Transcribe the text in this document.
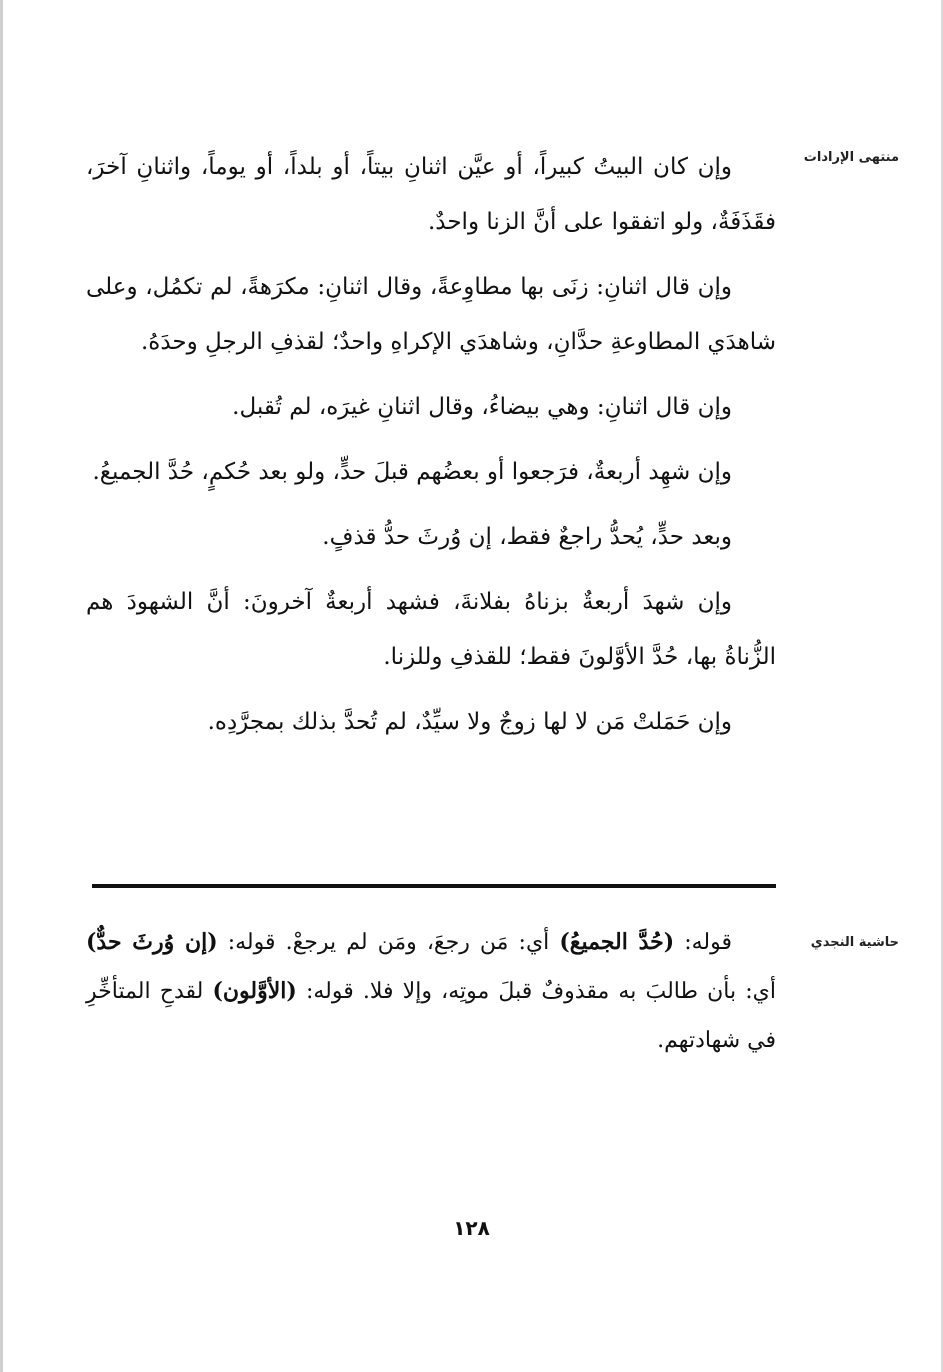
منتهى الإرادات

وإن كان البيتُ كبيراً، أو عيَّن اثنانِ بيتاً، أو بلداً، أو يوماً، واثنانِ آخرَ، فقَذَفَةٌ، ولو اتفقوا على أنَّ الزنا واحدٌ.

وإن قال اثنانِ: زنَى بها مطاوِعةً، وقال اثنانِ: مكرَهةً، لم تكمُل، وعلى شاهدَي المطاوعةِ حدَّانِ، وشاهدَي الإكراهِ واحدٌ؛ لقذفِ الرجلِ وحدَهُ.

وإن قال اثنانِ: وهي بيضاءُ، وقال اثنانِ غيرَه، لم تُقبل.

وإن شهِد أربعةٌ، فرَجعوا أو بعضُهم قبلَ حدٍّ، ولو بعد حُكمٍ، حُدَّ الجميعُ.

وبعد حدٍّ، يُحدُّ راجعٌ فقط، إن وُرثَ حدُّ قذفٍ.

وإن شهدَ أربعةٌ بزناهُ بفلانةَ، فشهد أربعةٌ آخرونَ: أنَّ الشهودَ هم الزُّناةُ بها، حُدَّ الأوَّلونَ فقط؛ للقذفِ وللزنا.

وإن حَمَلتْ مَن لا لها زوجٌ ولا سيِّدٌ، لم تُحدَّ بذلك بمجرَّدِه.

حاشية النجدي

قوله: (حُدَّ الجميعُ) أي: مَن رجعَ، ومَن لم يرجعْ. قوله: (إن وُرثَ حدٌّ) أي: بأن طالبَ به مقذوفٌ قبلَ موتِه، وإلا فلا. قوله: (الأوَّلون) لقدحِ المتأخِّرِ في شهادتهم.

١٢٨
